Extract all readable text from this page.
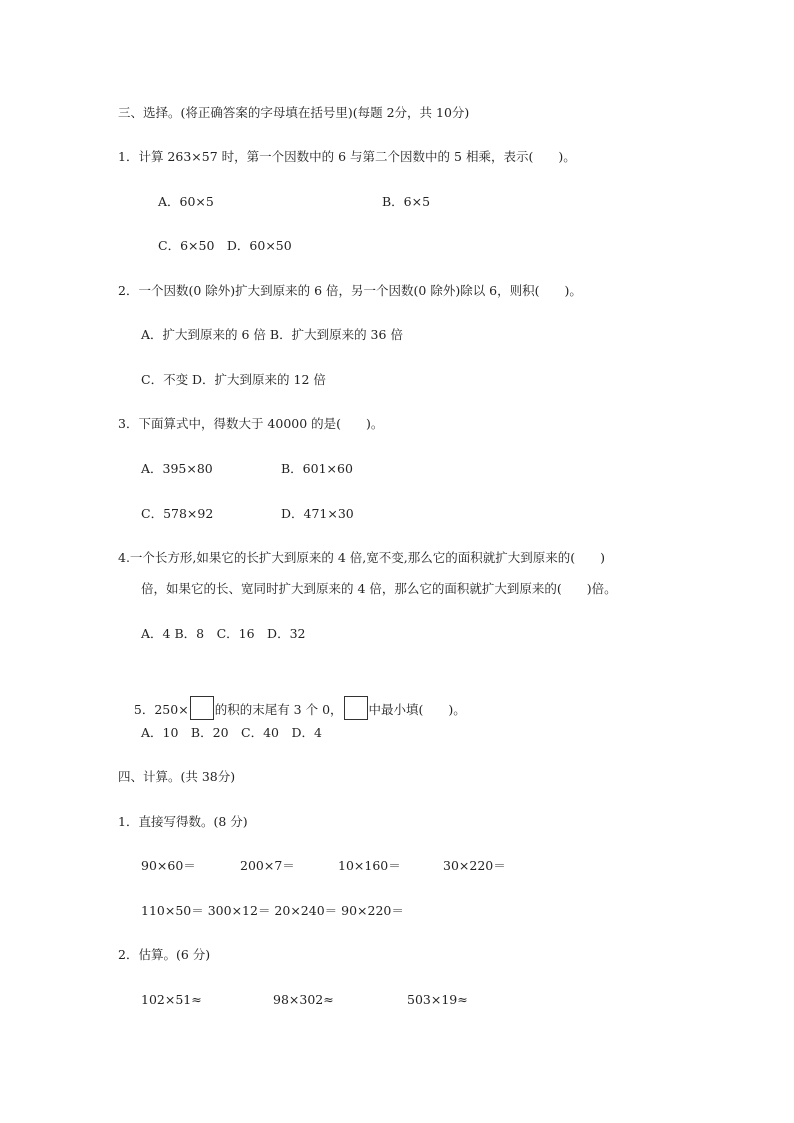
三、选择。(将正确答案的字母填在括号里)(每题 2分，共 10分)
1．计算 263×57 时，第一个因数中的 6 与第二个因数中的 5 相乘，表示(　　)。
A．60×5	B．6×5
C．6×50　D．60×50
2．一个因数(0 除外)扩大到原来的 6 倍，另一个因数(0 除外)除以 6，则积(　　)。
A．扩大到原来的 6 倍 B．扩大到原来的 36 倍
C．不变 D．扩大到原来的 12 倍
3．下面算式中，得数大于 40000 的是(　　)。
A．395×80	B．601×60
C．578×92	D．471×30
4.一个长方形,如果它的长扩大到原来的 4 倍,宽不变,那么它的面积就扩大到原来的(　　)
倍，如果它的长、宽同时扩大到原来的 4 倍，那么它的面积就扩大到原来的(　　)倍。
A．4 B．8　C．16　D．32

5．250× 的积的末尾有 3 个 0， 中最小填(　　)。

A．10　B．20　C．40　D．4
四、计算。(共 38分)
1．直接写得数。(8 分)
90×60＝	200×7＝	10×160＝	30×220＝
110×50＝ 300×12＝ 20×240＝ 90×220＝
2．估算。(6 分)
102×51≈	98×302≈	503×19≈
